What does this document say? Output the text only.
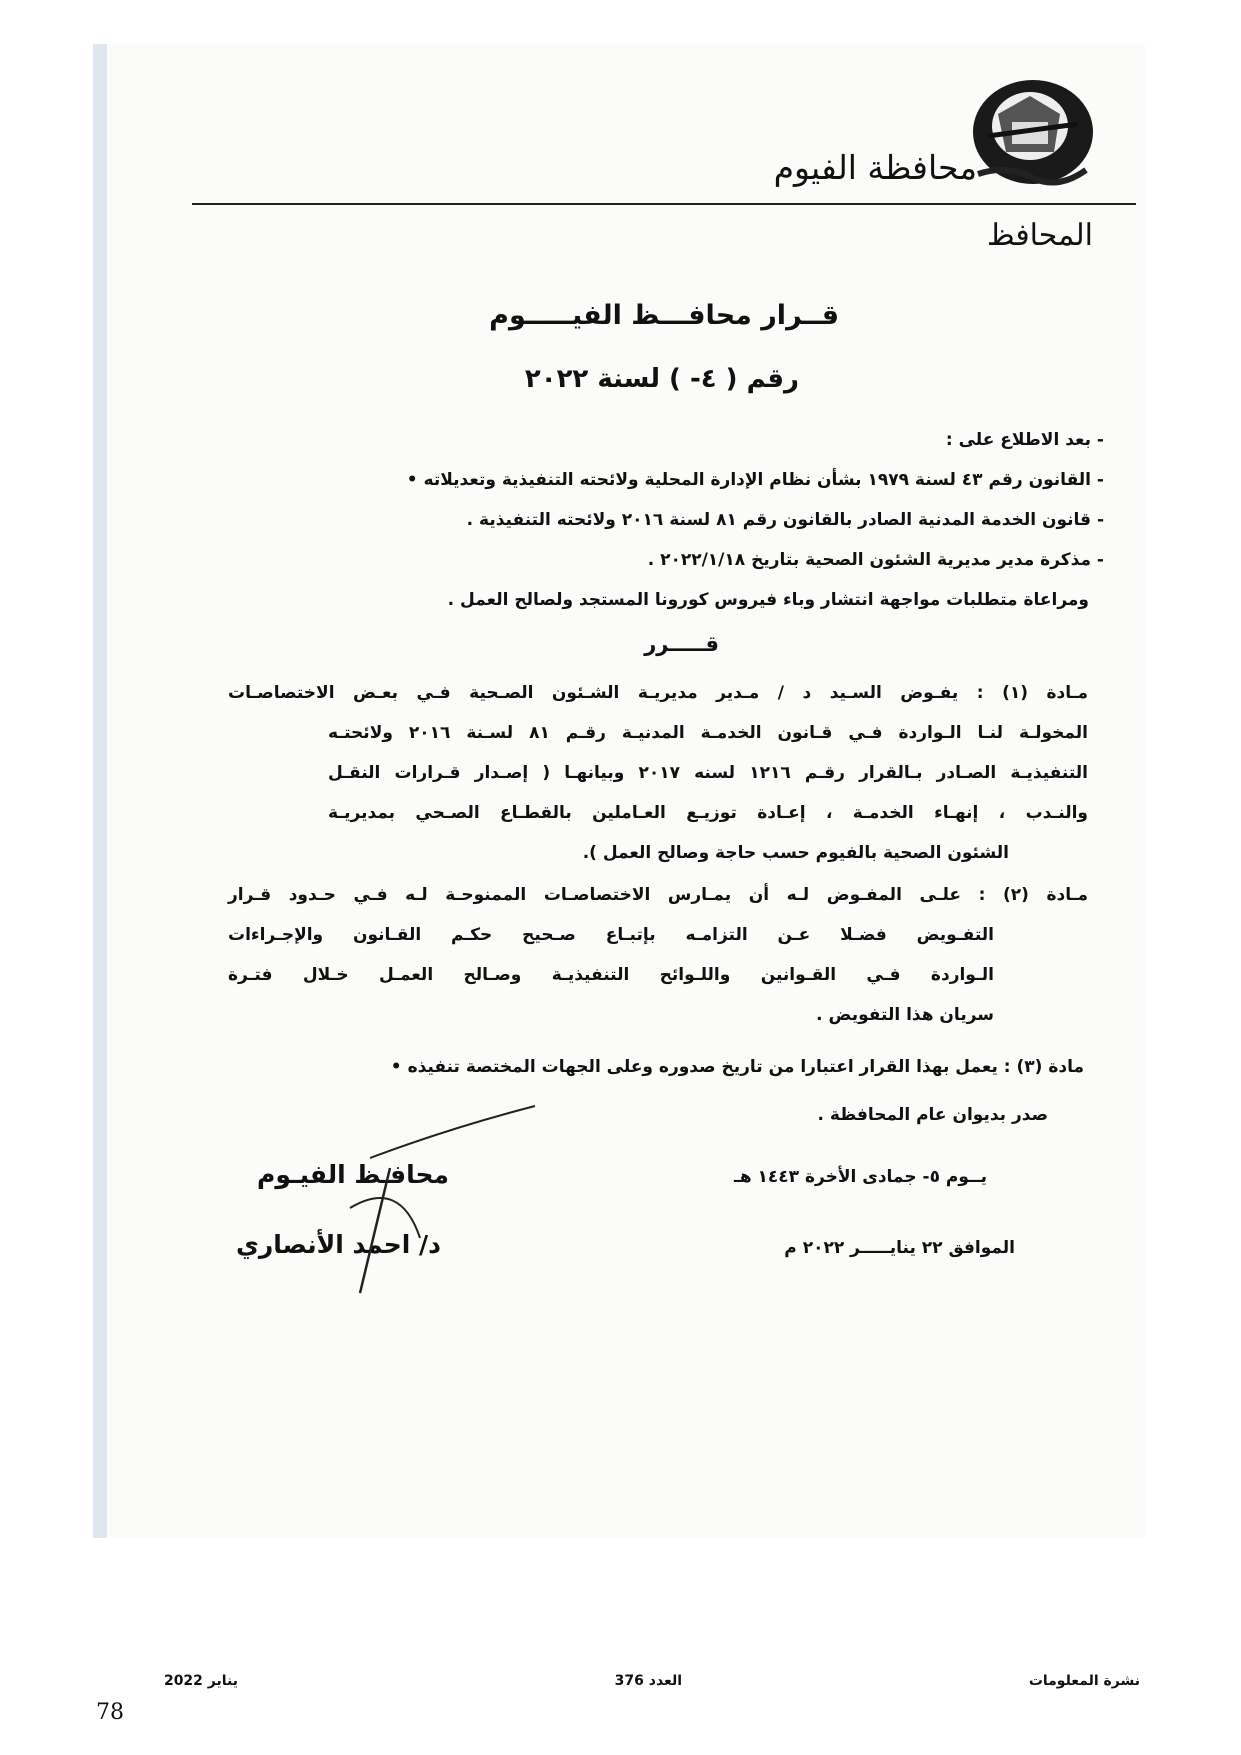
محافظة الفيوم
المحافظ
قــرار محافـــظ الفيـــــوم
رقم ( ٤- ) لسنة ٢٠٢٢
- بعد الاطلاع على :
- القانون رقم ٤٣ لسنة ١٩٧٩ بشأن نظام الإدارة المحلية ولائحته التنفيذية وتعديلاته •
- قانون الخدمة المدنية الصادر بالقانون رقم ٨١ لسنة ٢٠١٦ ولائحته التنفيذية .
- مذكرة مدير مديرية الشئون الصحية بتاريخ ٢٠٢٢/١/١٨ .
ومراعاة متطلبات مواجهة انتشار وباء فيروس كورونا المستجد ولصالح العمل .
قـــــرر
مـادة (١) : يفـوض السـيد د / مـدير مديريـة الشـئون الصـحية فـي بعـض الاختصاصـات
المخولـة لنـا الـواردة فـي قـانون الخدمـة المدنيـة رقـم ٨١ لسـنة ٢٠١٦ ولائحتـه
التنفيذيـة الصـادر بـالقرار رقـم ١٢١٦ لسنه ٢٠١٧ وبيانهـا ( إصـدار قـرارات النقـل
والنـدب ، إنهـاء الخدمـة ، إعـادة توزيـع العـاملين بالقطـاع الصـحي بمديريـة
الشئون الصحية بالفيوم حسب حاجة وصالح العمل ).
مـادة (٢) : علـى المفـوض لـه أن يمـارس الاختصاصـات الممنوحـة لـه فـي حـدود قـرار
التفـويض فضـلا عـن التزامـه بإتبـاع صـحيح حكـم القـانون والإجـراءات
الـواردة فـي القـوانين واللـوائح التنفيذيـة وصـالح العمـل خـلال فتـرة
سريان هذا التفويض .
مادة (٣) : يعمل بهذا القرار اعتبارا من تاريخ صدوره وعلى الجهات المختصة تنفيذه •
صدر بديوان عام المحافظة .
يــوم ٥- جمادى الأخرة ١٤٤٣ هـ
الموافق ٢٢ ينايـــــر ٢٠٢٢ م
محافـظ الفيـوم
د/ احمد الأنصاري
نشرة المعلومات
العدد 376
يناير 2022
78
